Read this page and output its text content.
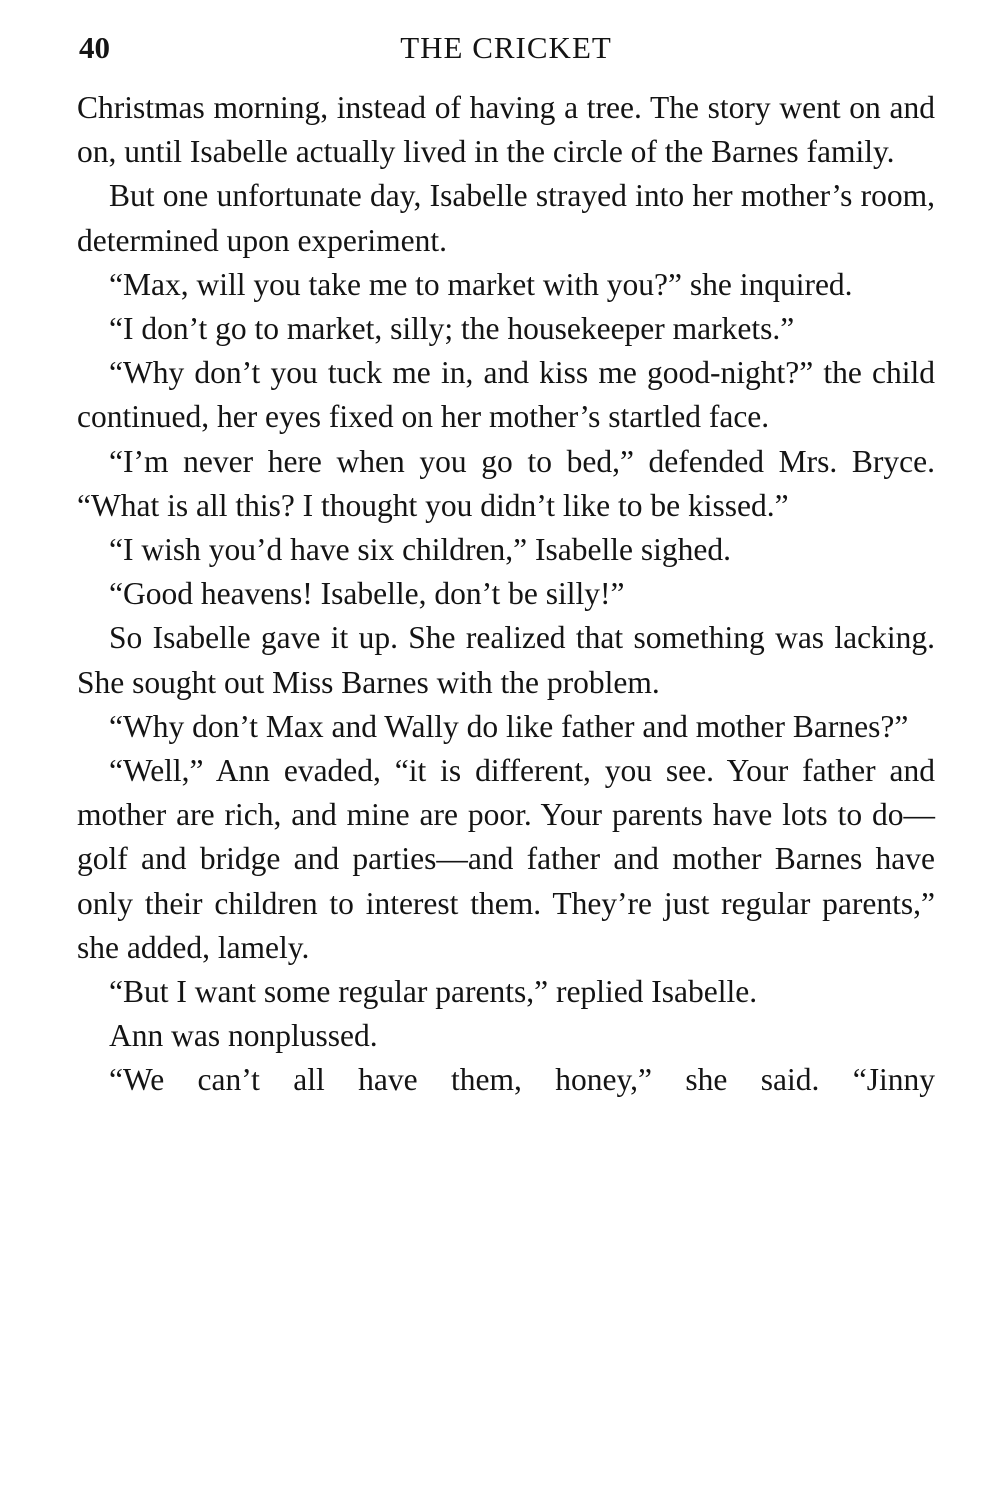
40	THE CRICKET

Christmas morning, instead of having a tree. The story went on and on, until Isabelle actually lived in the circle of the Barnes family.

But one unfortunate day, Isabelle strayed into her mother’s room, determined upon experiment.

“Max, will you take me to market with you?” she inquired.

“I don’t go to market, silly; the housekeeper markets.”

“Why don’t you tuck me in, and kiss me good-night?” the child continued, her eyes fixed on her mother’s startled face.

“I’m never here when you go to bed,” defended Mrs. Bryce. “What is all this? I thought you didn’t like to be kissed.”

“I wish you’d have six children,” Isabelle sighed.

“Good heavens! Isabelle, don’t be silly!”

So Isabelle gave it up. She realized that something was lacking. She sought out Miss Barnes with the problem.

“Why don’t Max and Wally do like father and mother Barnes?”

“Well,” Ann evaded, “it is different, you see. Your father and mother are rich, and mine are poor. Your parents have lots to do—golf and bridge and parties—and father and mother Barnes have only their children to interest them. They’re just regular parents,” she added, lamely.

“But I want some regular parents,” replied Isabelle.

Ann was nonplussed.

“We can’t all have them, honey,” she said. “Jinny
